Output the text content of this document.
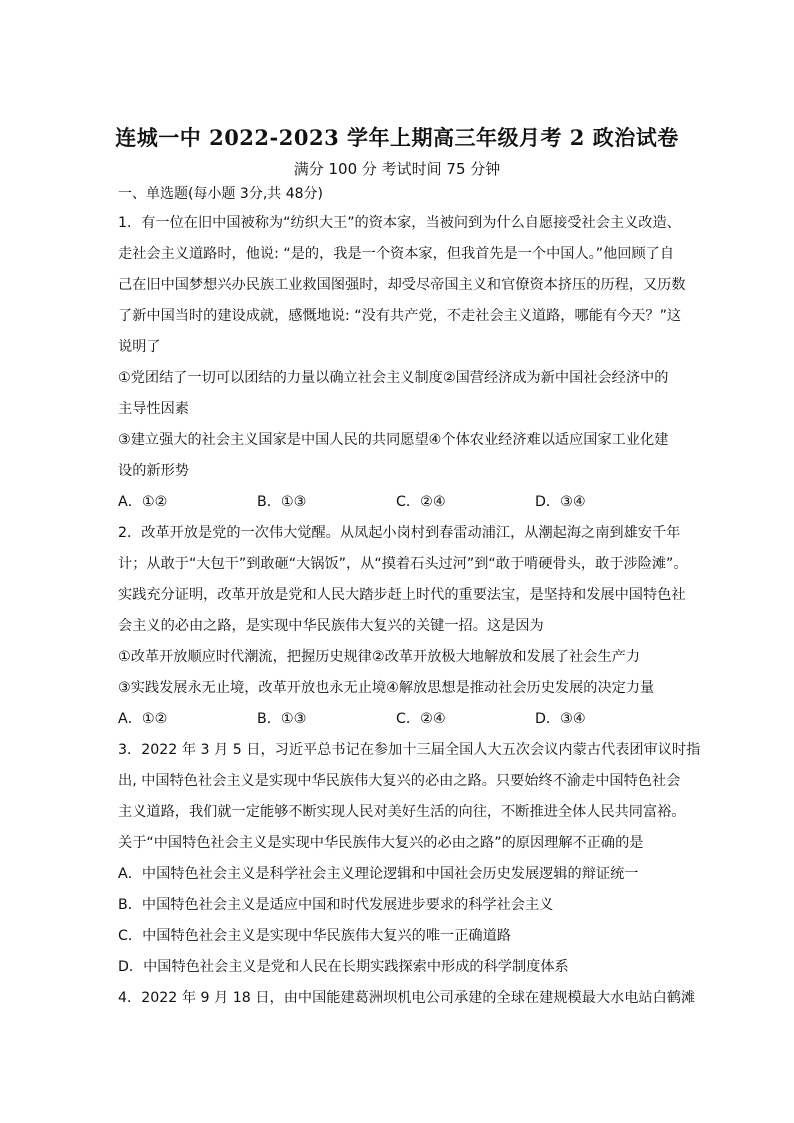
连城一中 2022-2023 学年上期高三年级月考 2 政治试卷
满分 100 分 考试时间 75 分钟
一、单选题(每小题 3分,共 48分)
1．有一位在旧中国被称为“纺织大王”的资本家，当被问到为什么自愿接受社会主义改造、
走社会主义道路时，他说: “是的，我是一个资本家，但我首先是一个中国人。”他回顾了自
己在旧中国梦想兴办民族工业救国图强时，却受尽帝国主义和官僚资本挤压的历程，又历数
了新中国当时的建设成就，感慨地说: “没有共产党，不走社会主义道路，哪能有今天？”这
说明了
①党团结了一切可以团结的力量以确立社会主义制度②国营经济成为新中国社会经济中的
主导性因素
③建立强大的社会主义国家是中国人民的共同愿望④个体农业经济难以适应国家工业化建
设的新形势
A．①②	B．①③	C．②④	D．③④
2．改革开放是党的一次伟大觉醒。从凤起小岗村到春雷动浦江，从潮起海之南到雄安千年
计；从敢于“大包干”到敢砸“大锅饭”，从“摸着石头过河”到“敢于啃硬骨头，敢于涉险滩”。
实践充分证明，改革开放是党和人民大踏步赶上时代的重要法宝，是坚持和发展中国特色社
会主义的必由之路，是实现中华民族伟大复兴的关键一招。这是因为
①改革开放顺应时代潮流，把握历史规律②改革开放极大地解放和发展了社会生产力
③实践发展永无止境，改革开放也永无止境④解放思想是推动社会历史发展的决定力量
A．①②	B．①③	C．②④	D．③④
3．2022 年 3 月 5 日，习近平总书记在参加十三届全国人大五次会议内蒙古代表团审议时指
出, 中国特色社会主义是实现中华民族伟大复兴的必由之路。只要始终不渝走中国特色社会
主义道路，我们就一定能够不断实现人民对美好生活的向往，不断推进全体人民共同富裕。
关于“中国特色社会主义是实现中华民族伟大复兴的必由之路”的原因理解不正确的是
A．中国特色社会主义是科学社会主义理论逻辑和中国社会历史发展逻辑的辩证统一
B．中国特色社会主义是适应中国和时代发展进步要求的科学社会主义
C．中国特色社会主义是实现中华民族伟大复兴的唯一正确道路
D．中国特色社会主义是党和人民在长期实践探索中形成的科学制度体系
4．2022 年 9 月 18 日，由中国能建葛洲坝机电公司承建的全球在建规模最大水电站白鹤滩
